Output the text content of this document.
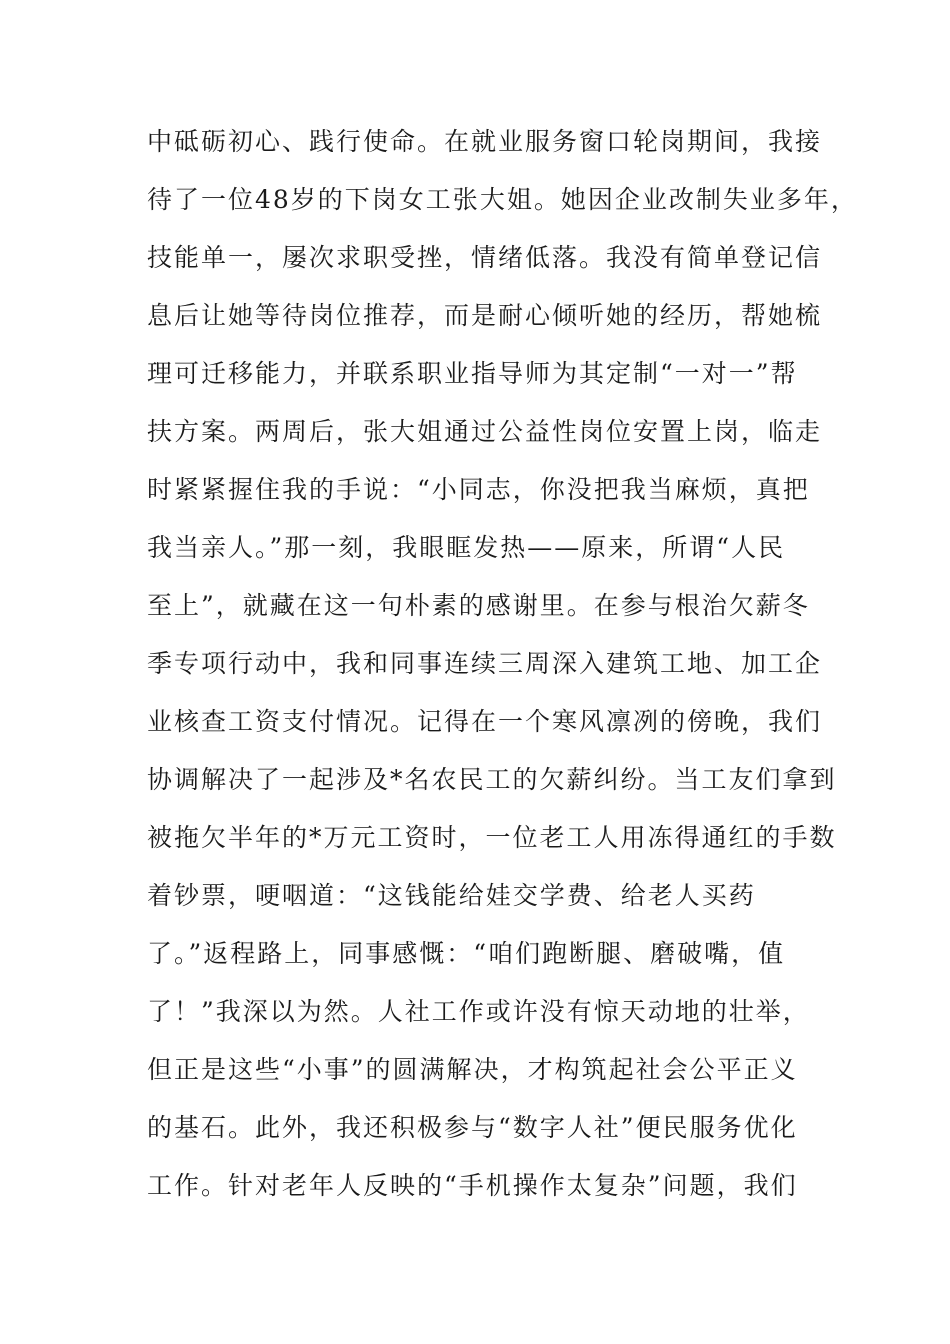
中砥砺初心、践行使命。在就业服务窗口轮岗期间，我接
待了一位48岁的下岗女工张大姐。她因企业改制失业多年，
技能单一，屡次求职受挫，情绪低落。我没有简单登记信
息后让她等待岗位推荐，而是耐心倾听她的经历，帮她梳
理可迁移能力，并联系职业指导师为其定制“一对一”帮
扶方案。两周后，张大姐通过公益性岗位安置上岗，临走
时紧紧握住我的手说：“小同志，你没把我当麻烦，真把
我当亲人。”那一刻，我眼眶发热——原来，所谓“人民
至上”，就藏在这一句朴素的感谢里。在参与根治欠薪冬
季专项行动中，我和同事连续三周深入建筑工地、加工企
业核查工资支付情况。记得在一个寒风凛冽的傍晚，我们
协调解决了一起涉及*名农民工的欠薪纠纷。当工友们拿到
被拖欠半年的*万元工资时，一位老工人用冻得通红的手数
着钞票，哽咽道：“这钱能给娃交学费、给老人买药
了。”返程路上，同事感慨：“咱们跑断腿、磨破嘴，值
了！”我深以为然。人社工作或许没有惊天动地的壮举，
但正是这些“小事”的圆满解决，才构筑起社会公平正义
的基石。此外，我还积极参与“数字人社”便民服务优化
工作。针对老年人反映的“手机操作太复杂”问题，我们
